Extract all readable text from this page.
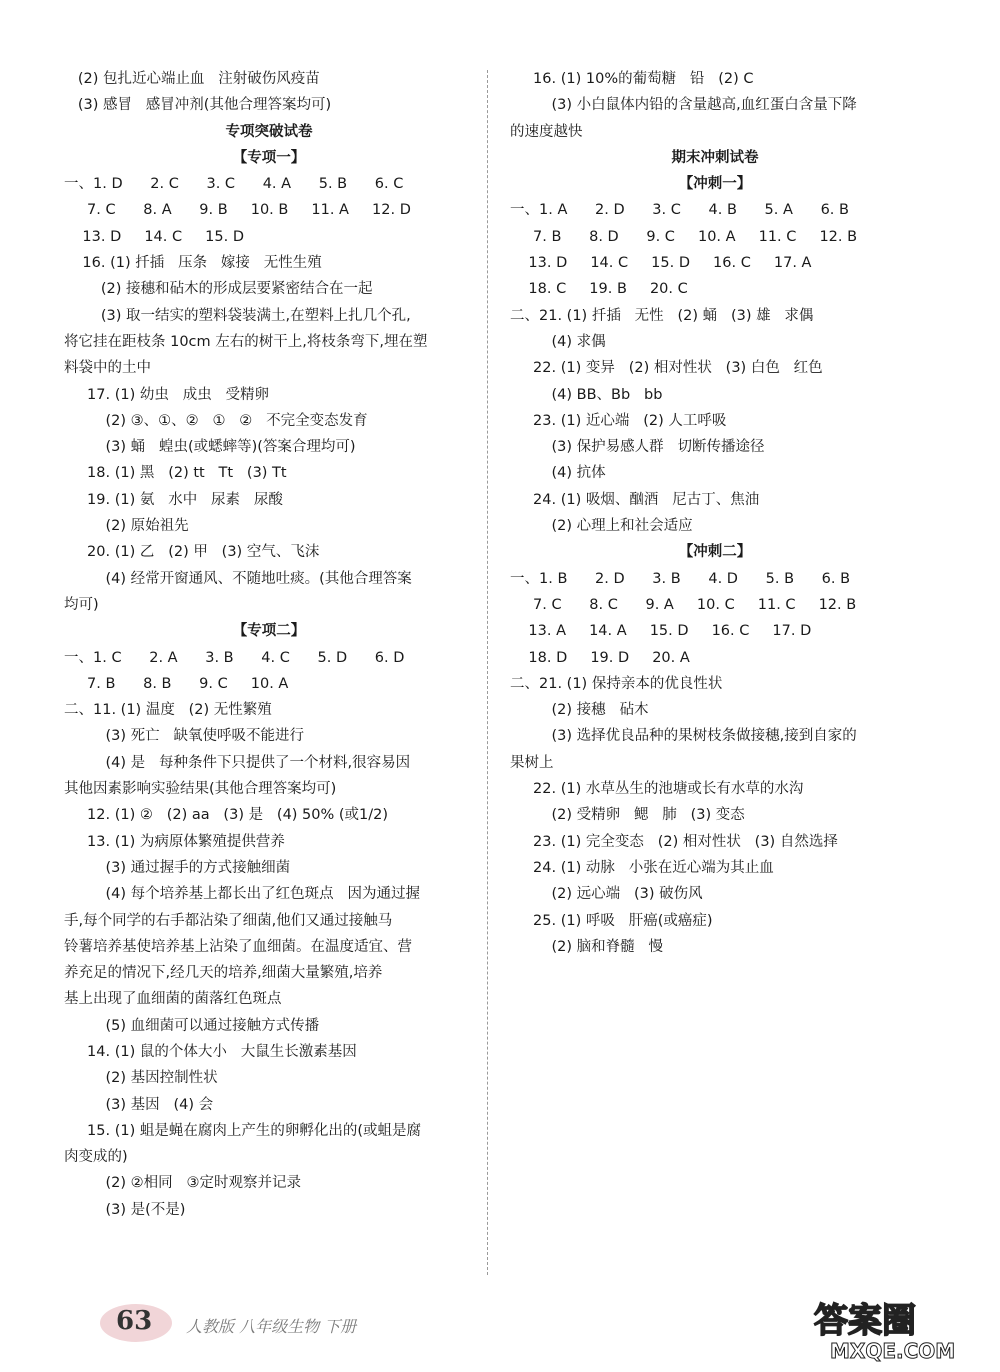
(2) 包扎近心端止血   注射破伤风疫苗
(3) 感冒   感冒冲剂(其他合理答案均可)
专项突破试卷
【专项一】
一、1. D      2. C      3. C      4. A      5. B      6. C
7. C      8. A      9. B     10. B     11. A     12. D
13. D     14. C     15. D
16. (1) 扦插   压条   嫁接   无性生殖
(2) 接穗和砧木的形成层要紧密结合在一起
(3) 取一结实的塑料袋装满土,在塑料上扎几个孔,
将它挂在距枝条 10cm 左右的树干上,将枝条弯下,埋在塑
料袋中的土中
17. (1) 幼虫   成虫   受精卵
(2) ③、①、②   ①   ②   不完全变态发育
(3) 蛹   蝗虫(或蟋蟀等)(答案合理均可)
18. (1) 黑   (2) tt   Tt   (3) Tt
19. (1) 氨   水中   尿素   尿酸
(2) 原始祖先
20. (1) 乙   (2) 甲   (3) 空气、飞沫
(4) 经常开窗通风、不随地吐痰。(其他合理答案
均可)
【专项二】
一、1. C      2. A      3. B      4. C      5. D      6. D
7. B      8. B      9. C     10. A
二、11. (1) 温度   (2) 无性繁殖
(3) 死亡   缺氧使呼吸不能进行
(4) 是   每种条件下只提供了一个材料,很容易因
其他因素影响实验结果(其他合理答案均可)
12. (1) ②   (2) aa   (3) 是   (4) 50% (或1/2)
13. (1) 为病原体繁殖提供营养
(3) 通过握手的方式接触细菌
(4) 每个培养基上都长出了红色斑点   因为通过握
手,每个同学的右手都沾染了细菌,他们又通过接触马
铃薯培养基使培养基上沾染了血细菌。在温度适宜、营
养充足的情况下,经几天的培养,细菌大量繁殖,培养
基上出现了血细菌的菌落红色斑点
(5) 血细菌可以通过接触方式传播
14. (1) 鼠的个体大小   大鼠生长激素基因
(2) 基因控制性状
(3) 基因   (4) 会
15. (1) 蛆是蝇在腐肉上产生的卵孵化出的(或蛆是腐
肉变成的)
(2) ②相同   ③定时观察并记录
(3) 是(不是)
16. (1) 10%的葡萄糖   铅   (2) C
(3) 小白鼠体内铅的含量越高,血红蛋白含量下降
的速度越快
期末冲刺试卷
【冲刺一】
一、1. A      2. D      3. C      4. B      5. A      6. B
7. B      8. D      9. C     10. A     11. C     12. B
13. D     14. C     15. D     16. C     17. A
18. C     19. B     20. C
二、21. (1) 扦插   无性   (2) 蛹   (3) 雄   求偶
(4) 求偶
22. (1) 变异   (2) 相对性状   (3) 白色   红色
(4) BB、Bb   bb
23. (1) 近心端   (2) 人工呼吸
(3) 保护易感人群   切断传播途径
(4) 抗体
24. (1) 吸烟、酗酒   尼古丁、焦油
(2) 心理上和社会适应
【冲刺二】
一、1. B      2. D      3. B      4. D      5. B      6. B
7. C      8. C      9. A     10. C     11. C     12. B
13. A     14. A     15. D     16. C     17. D
18. D     19. D     20. A
二、21. (1) 保持亲本的优良性状
(2) 接穗   砧木
(3) 选择优良品种的果树枝条做接穗,接到自家的
果树上
22. (1) 水草丛生的池塘或长有水草的水沟
(2) 受精卵   鳃   肺   (3) 变态
23. (1) 完全变态   (2) 相对性状   (3) 自然选择
24. (1) 动脉   小张在近心端为其止血
(2) 远心端   (3) 破伤风
25. (1) 呼吸   肝癌(或癌症)
(2) 脑和脊髓   慢
63 人教版 八年级生物 下册	答案圈
MXQE.COM
